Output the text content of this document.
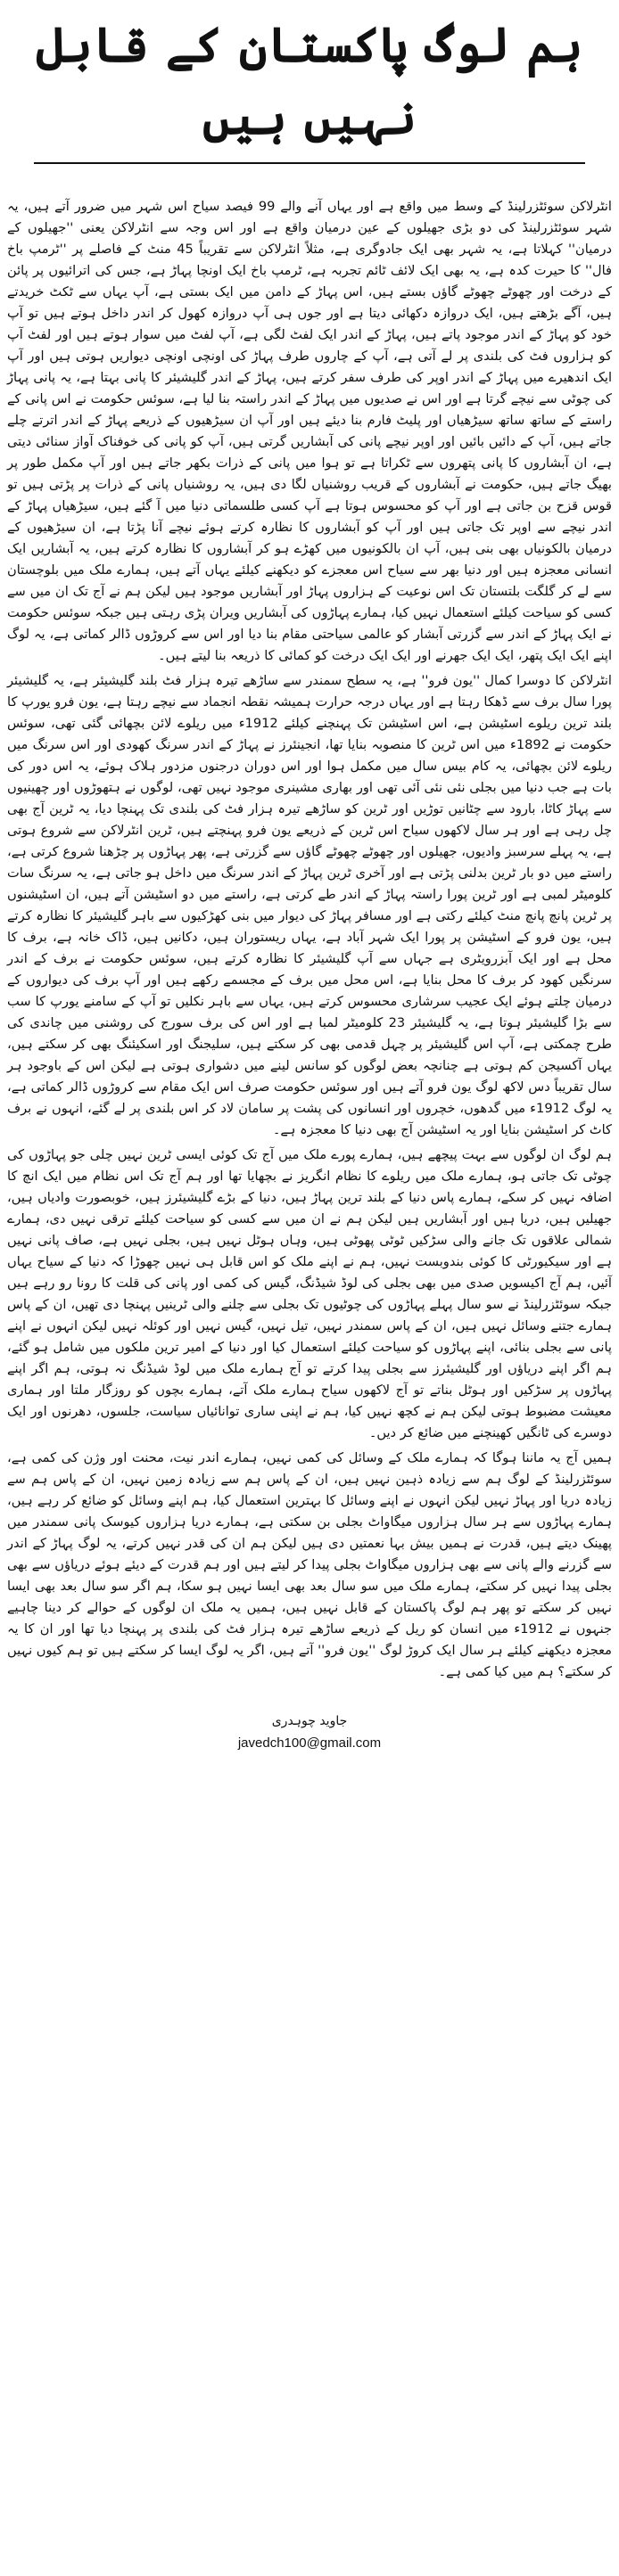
ہم لوگ پاکستان کے قابل نہیں ہیں

انٹرلاکن سوئٹزرلینڈ کے وسط میں واقع ہے اور یہاں آنے والے 99 فیصد سیاح اس شہر میں ضرور آتے ہیں، یہ شہر سوئٹزرلینڈ کی دو بڑی جھیلوں کے عین درمیان واقع ہے اور اس وجہ سے انٹرلاکن یعنی ''جھیلوں کے درمیان'' کہلاتا ہے، یہ شہر بھی ایک جادوگری ہے، مثلاً انٹرلاکن سے تقریباً 45 منٹ کے فاصلے پر ''ٹرمپ باخ فال'' کا حیرت کدہ ہے، یہ بھی ایک لائف ٹائم تجربہ ہے، ٹرمپ باخ ایک اونچا پہاڑ ہے، جس کی اترائیوں پر پائن کے درخت اور چھوٹے چھوٹے گاؤں بستے ہیں، اس پہاڑ کے دامن میں ایک بستی ہے، آپ یہاں سے ٹکٹ خریدتے ہیں، آگے بڑھتے ہیں، ایک دروازہ دکھائی دیتا ہے اور جوں ہی آپ دروازہ کھول کر اندر داخل ہوتے ہیں تو آپ خود کو پہاڑ کے اندر موجود پاتے ہیں، پہاڑ کے اندر ایک لفٹ لگی ہے، آپ لفٹ میں سوار ہوتے ہیں اور لفٹ آپ کو ہزاروں فٹ کی بلندی پر لے آتی ہے، آپ کے چاروں طرف پہاڑ کی اونچی اونچی دیواریں ہوتی ہیں اور آپ ایک اندھیرے میں پہاڑ کے اندر اوپر کی طرف سفر کرتے ہیں، پہاڑ کے اندر گلیشیئر کا پانی بہتا ہے، یہ پانی پہاڑ کی چوٹی سے نیچے گرتا ہے اور اس نے صدیوں میں پہاڑ کے اندر راستہ بنا لیا ہے، سوئس حکومت نے اس پانی کے راستے کے ساتھ ساتھ سیڑھیاں اور پلیٹ فارم بنا دیئے ہیں اور آپ ان سیڑھیوں کے ذریعے پہاڑ کے اندر اترتے چلے جاتے ہیں، آپ کے دائیں بائیں اور اوپر نیچے پانی کی آبشاریں گرتی ہیں، آپ کو پانی کی خوفناک آواز سنائی دیتی ہے، ان آبشاروں کا پانی پتھروں سے ٹکراتا ہے تو ہوا میں پانی کے ذرات بکھر جاتے ہیں اور آپ مکمل طور پر بھیگ جاتے ہیں، حکومت نے آبشاروں کے قریب روشنیاں لگا دی ہیں، یہ روشنیاں پانی کے ذرات پر پڑتی ہیں تو قوس قزح بن جاتی ہے اور آپ کو محسوس ہوتا ہے آپ کسی طلسماتی دنیا میں آ گئے ہیں، سیڑھیاں پہاڑ کے اندر نیچے سے اوپر تک جاتی ہیں اور آپ کو آبشاروں کا نظارہ کرتے ہوئے نیچے آنا پڑتا ہے، ان سیڑھیوں کے درمیان بالکونیاں بھی بنی ہیں، آپ ان بالکونیوں میں کھڑے ہو کر آبشاروں کا نظارہ کرتے ہیں، یہ آبشاریں ایک انسانی معجزہ ہیں اور دنیا بھر سے سیاح اس معجزے کو دیکھنے کیلئے یہاں آتے ہیں، ہمارے ملک میں بلوچستان سے لے کر گلگت بلتستان تک اس نوعیت کے ہزاروں پہاڑ اور آبشاریں موجود ہیں لیکن ہم نے آج تک ان میں سے کسی کو سیاحت کیلئے استعمال نہیں کیا، ہمارے پہاڑوں کی آبشاریں ویران پڑی رہتی ہیں جبکہ سوئس حکومت نے ایک پہاڑ کے اندر سے گزرتی آبشار کو عالمی سیاحتی مقام بنا دیا اور اس سے کروڑوں ڈالر کماتی ہے، یہ لوگ اپنے ایک ایک پتھر، ایک ایک جھرنے اور ایک ایک درخت کو کمائی کا ذریعہ بنا لیتے ہیں۔

انٹرلاکن کا دوسرا کمال ''یون فرو'' ہے، یہ سطح سمندر سے ساڑھے تیرہ ہزار فٹ بلند گلیشیئر ہے، یہ گلیشیئر پورا سال برف سے ڈھکا رہتا ہے اور یہاں درجہ حرارت ہمیشہ نقطہ انجماد سے نیچے رہتا ہے، یون فرو یورپ کا بلند ترین ریلوے اسٹیشن ہے، اس اسٹیشن تک پہنچنے کیلئے 1912ء میں ریلوے لائن بچھائی گئی تھی، سوئس حکومت نے 1892ء میں اس ٹرین کا منصوبہ بنایا تھا، انجینئرز نے پہاڑ کے اندر سرنگ کھودی اور اس سرنگ میں ریلوے لائن بچھائی، یہ کام بیس سال میں مکمل ہوا اور اس دوران درجنوں مزدور ہلاک ہوئے، یہ اس دور کی بات ہے جب دنیا میں بجلی نئی نئی آئی تھی اور بھاری مشینری موجود نہیں تھی، لوگوں نے ہتھوڑوں اور چھینیوں سے پہاڑ کاٹا، بارود سے چٹانیں توڑیں اور ٹرین کو ساڑھے تیرہ ہزار فٹ کی بلندی تک پہنچا دیا، یہ ٹرین آج بھی چل رہی ہے اور ہر سال لاکھوں سیاح اس ٹرین کے ذریعے یون فرو پہنچتے ہیں، ٹرین انٹرلاکن سے شروع ہوتی ہے، یہ پہلے سرسبز وادیوں، جھیلوں اور چھوٹے چھوٹے گاؤں سے گزرتی ہے، پھر پہاڑوں پر چڑھنا شروع کرتی ہے، راستے میں دو بار ٹرین بدلنی پڑتی ہے اور آخری ٹرین پہاڑ کے اندر سرنگ میں داخل ہو جاتی ہے، یہ سرنگ سات کلومیٹر لمبی ہے اور ٹرین پورا راستہ پہاڑ کے اندر طے کرتی ہے، راستے میں دو اسٹیشن آتے ہیں، ان اسٹیشنوں پر ٹرین پانچ پانچ منٹ کیلئے رکتی ہے اور مسافر پہاڑ کی دیوار میں بنی کھڑکیوں سے باہر گلیشیئر کا نظارہ کرتے ہیں، یون فرو کے اسٹیشن پر پورا ایک شہر آباد ہے، یہاں ریستوران ہیں، دکانیں ہیں، ڈاک خانہ ہے، برف کا محل ہے اور ایک آبزرویٹری ہے جہاں سے آپ گلیشیئر کا نظارہ کرتے ہیں، سوئس حکومت نے برف کے اندر سرنگیں کھود کر برف کا محل بنایا ہے، اس محل میں برف کے مجسمے رکھے ہیں اور آپ برف کی دیواروں کے درمیان چلتے ہوئے ایک عجیب سرشاری محسوس کرتے ہیں، یہاں سے باہر نکلیں تو آپ کے سامنے یورپ کا سب سے بڑا گلیشیئر ہوتا ہے، یہ گلیشیئر 23 کلومیٹر لمبا ہے اور اس کی برف سورج کی روشنی میں چاندی کی طرح چمکتی ہے، آپ اس گلیشیئر پر چہل قدمی بھی کر سکتے ہیں، سلیجنگ اور اسکیئنگ بھی کر سکتے ہیں، یہاں آکسیجن کم ہوتی ہے چنانچہ بعض لوگوں کو سانس لینے میں دشواری ہوتی ہے لیکن اس کے باوجود ہر سال تقریباً دس لاکھ لوگ یون فرو آتے ہیں اور سوئس حکومت صرف اس ایک مقام سے کروڑوں ڈالر کماتی ہے، یہ لوگ 1912ء میں گدھوں، خچروں اور انسانوں کی پشت پر سامان لاد کر اس بلندی پر لے گئے، انہوں نے برف کاٹ کر اسٹیشن بنایا اور یہ اسٹیشن آج بھی دنیا کا معجزہ ہے۔

ہم لوگ ان لوگوں سے بہت پیچھے ہیں، ہمارے پورے ملک میں آج تک کوئی ایسی ٹرین نہیں چلی جو پہاڑوں کی چوٹی تک جاتی ہو، ہمارے ملک میں ریلوے کا نظام انگریز نے بچھایا تھا اور ہم آج تک اس نظام میں ایک انچ کا اضافہ نہیں کر سکے، ہمارے پاس دنیا کے بلند ترین پہاڑ ہیں، دنیا کے بڑے گلیشیئرز ہیں، خوبصورت وادیاں ہیں، جھیلیں ہیں، دریا ہیں اور آبشاریں ہیں لیکن ہم نے ان میں سے کسی کو سیاحت کیلئے ترقی نہیں دی، ہمارے شمالی علاقوں تک جانے والی سڑکیں ٹوٹی پھوٹی ہیں، وہاں ہوٹل نہیں ہیں، بجلی نہیں ہے، صاف پانی نہیں ہے اور سیکیورٹی کا کوئی بندوبست نہیں، ہم نے اپنے ملک کو اس قابل ہی نہیں چھوڑا کہ دنیا کے سیاح یہاں آئیں، ہم آج اکیسویں صدی میں بھی بجلی کی لوڈ شیڈنگ، گیس کی کمی اور پانی کی قلت کا رونا رو رہے ہیں جبکہ سوئٹزرلینڈ نے سو سال پہلے پہاڑوں کی چوٹیوں تک بجلی سے چلنے والی ٹرینیں پہنچا دی تھیں، ان کے پاس ہمارے جتنے وسائل نہیں ہیں، ان کے پاس سمندر نہیں، تیل نہیں، گیس نہیں اور کوئلہ نہیں لیکن انہوں نے اپنے پانی سے بجلی بنائی، اپنے پہاڑوں کو سیاحت کیلئے استعمال کیا اور دنیا کے امیر ترین ملکوں میں شامل ہو گئے، ہم اگر اپنے دریاؤں اور گلیشیئرز سے بجلی پیدا کرتے تو آج ہمارے ملک میں لوڈ شیڈنگ نہ ہوتی، ہم اگر اپنے پہاڑوں پر سڑکیں اور ہوٹل بناتے تو آج لاکھوں سیاح ہمارے ملک آتے، ہمارے بچوں کو روزگار ملتا اور ہماری معیشت مضبوط ہوتی لیکن ہم نے کچھ نہیں کیا، ہم نے اپنی ساری توانائیاں سیاست، جلسوں، دھرنوں اور ایک دوسرے کی ٹانگیں کھینچنے میں ضائع کر دیں۔

ہمیں آج یہ ماننا ہوگا کہ ہمارے ملک کے وسائل کی کمی نہیں، ہمارے اندر نیت، محنت اور وژن کی کمی ہے، سوئٹزرلینڈ کے لوگ ہم سے زیادہ ذہین نہیں ہیں، ان کے پاس ہم سے زیادہ زمین نہیں، ان کے پاس ہم سے زیادہ دریا اور پہاڑ نہیں لیکن انہوں نے اپنے وسائل کا بہترین استعمال کیا، ہم اپنے وسائل کو ضائع کر رہے ہیں، ہمارے پہاڑوں سے ہر سال ہزاروں میگاواٹ بجلی بن سکتی ہے، ہمارے دریا ہزاروں کیوسک پانی سمندر میں پھینک دیتے ہیں، قدرت نے ہمیں بیش بہا نعمتیں دی ہیں لیکن ہم ان کی قدر نہیں کرتے، یہ لوگ پہاڑ کے اندر سے گزرنے والے پانی سے بھی ہزاروں میگاواٹ بجلی پیدا کر لیتے ہیں اور ہم قدرت کے دیئے ہوئے دریاؤں سے بھی بجلی پیدا نہیں کر سکتے، ہمارے ملک میں سو سال بعد بھی ایسا نہیں ہو سکا، ہم اگر سو سال بعد بھی ایسا نہیں کر سکتے تو پھر ہم لوگ پاکستان کے قابل نہیں ہیں، ہمیں یہ ملک ان لوگوں کے حوالے کر دینا چاہیے جنہوں نے 1912ء میں انسان کو ریل کے ذریعے ساڑھے تیرہ ہزار فٹ کی بلندی پر پہنچا دیا تھا اور ان کا یہ معجزہ دیکھنے کیلئے ہر سال ایک کروڑ لوگ ''یون فرو'' آتے ہیں، اگر یہ لوگ ایسا کر سکتے ہیں تو ہم کیوں نہیں کر سکتے؟ ہم میں کیا کمی ہے۔

جاوید چوہدری
javedch100@gmail.com
